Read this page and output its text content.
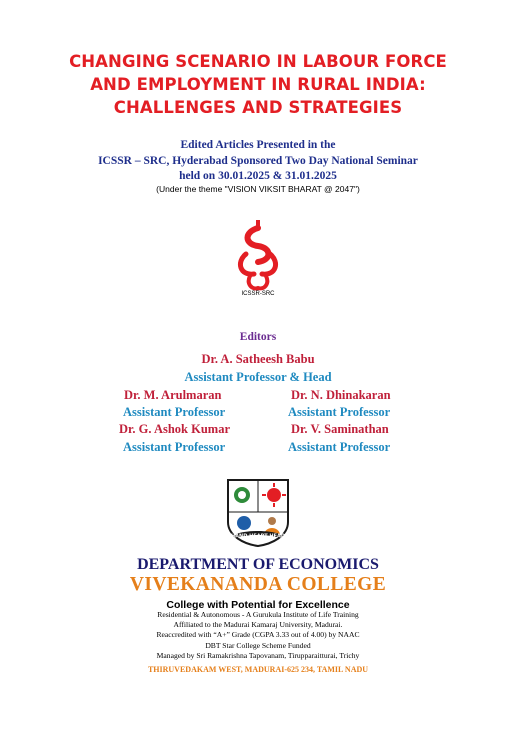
CHANGING SCENARIO IN LABOUR FORCE
AND EMPLOYMENT IN RURAL INDIA:
CHALLENGES AND STRATEGIES
Edited Articles Presented in the
ICSSR – SRC, Hyderabad Sponsored Two Day National Seminar
held on 30.01.2025 & 31.01.2025
(Under the theme "VISION VIKSIT BHARAT @ 2047")
ICSSR-SRC
Editors
Dr. A. Satheesh Babu
Assistant Professor & Head
Dr. M. Arulmaran
Assistant Professor
Dr. N. Dhinakaran
Assistant Professor
Dr. G. Ashok Kumar
Assistant Professor
Dr. V. Saminathan
Assistant Professor
HAND HEART HEAD
DEPARTMENT OF ECONOMICS
VIVEKANANDA COLLEGE
College with Potential for Excellence
Residential & Autonomous - A Gurukula Institute of Life Training
Affiliated to the Madurai Kamaraj University, Madurai.
Reaccredited with “A+” Grade (CGPA 3.33 out of 4.00) by NAAC
DBT Star College Scheme Funded
Managed by Sri Ramakrishna Tapovanam, Tirupparaitturai, Trichy
THIRUVEDAKAM WEST, MADURAI-625 234, TAMIL NADU
